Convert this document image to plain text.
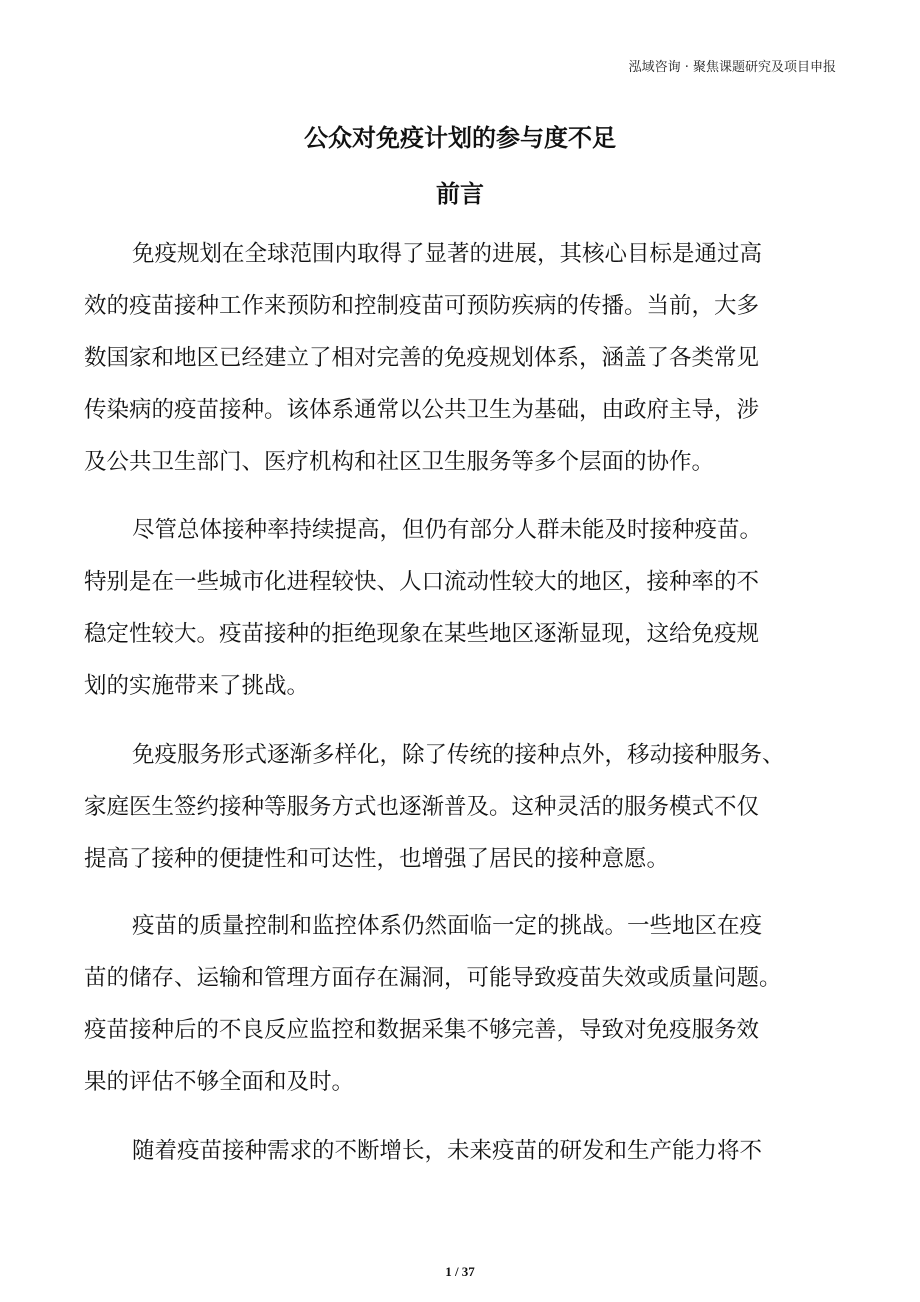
泓域咨询 · 聚焦课题研究及项目申报
公众对免疫计划的参与度不足
前言
免疫规划在全球范围内取得了显著的进展，其核心目标是通过高
效的疫苗接种工作来预防和控制疫苗可预防疾病的传播。当前，大多
数国家和地区已经建立了相对完善的免疫规划体系，涵盖了各类常见
传染病的疫苗接种。该体系通常以公共卫生为基础，由政府主导，涉
及公共卫生部门、医疗机构和社区卫生服务等多个层面的协作。
尽管总体接种率持续提高，但仍有部分人群未能及时接种疫苗。
特别是在一些城市化进程较快、人口流动性较大的地区，接种率的不
稳定性较大。疫苗接种的拒绝现象在某些地区逐渐显现，这给免疫规
划的实施带来了挑战。
免疫服务形式逐渐多样化，除了传统的接种点外，移动接种服务、
家庭医生签约接种等服务方式也逐渐普及。这种灵活的服务模式不仅
提高了接种的便捷性和可达性，也增强了居民的接种意愿。
疫苗的质量控制和监控体系仍然面临一定的挑战。一些地区在疫
苗的储存、运输和管理方面存在漏洞，可能导致疫苗失效或质量问题。
疫苗接种后的不良反应监控和数据采集不够完善，导致对免疫服务效
果的评估不够全面和及时。
随着疫苗接种需求的不断增长，未来疫苗的研发和生产能力将不
1 / 37
